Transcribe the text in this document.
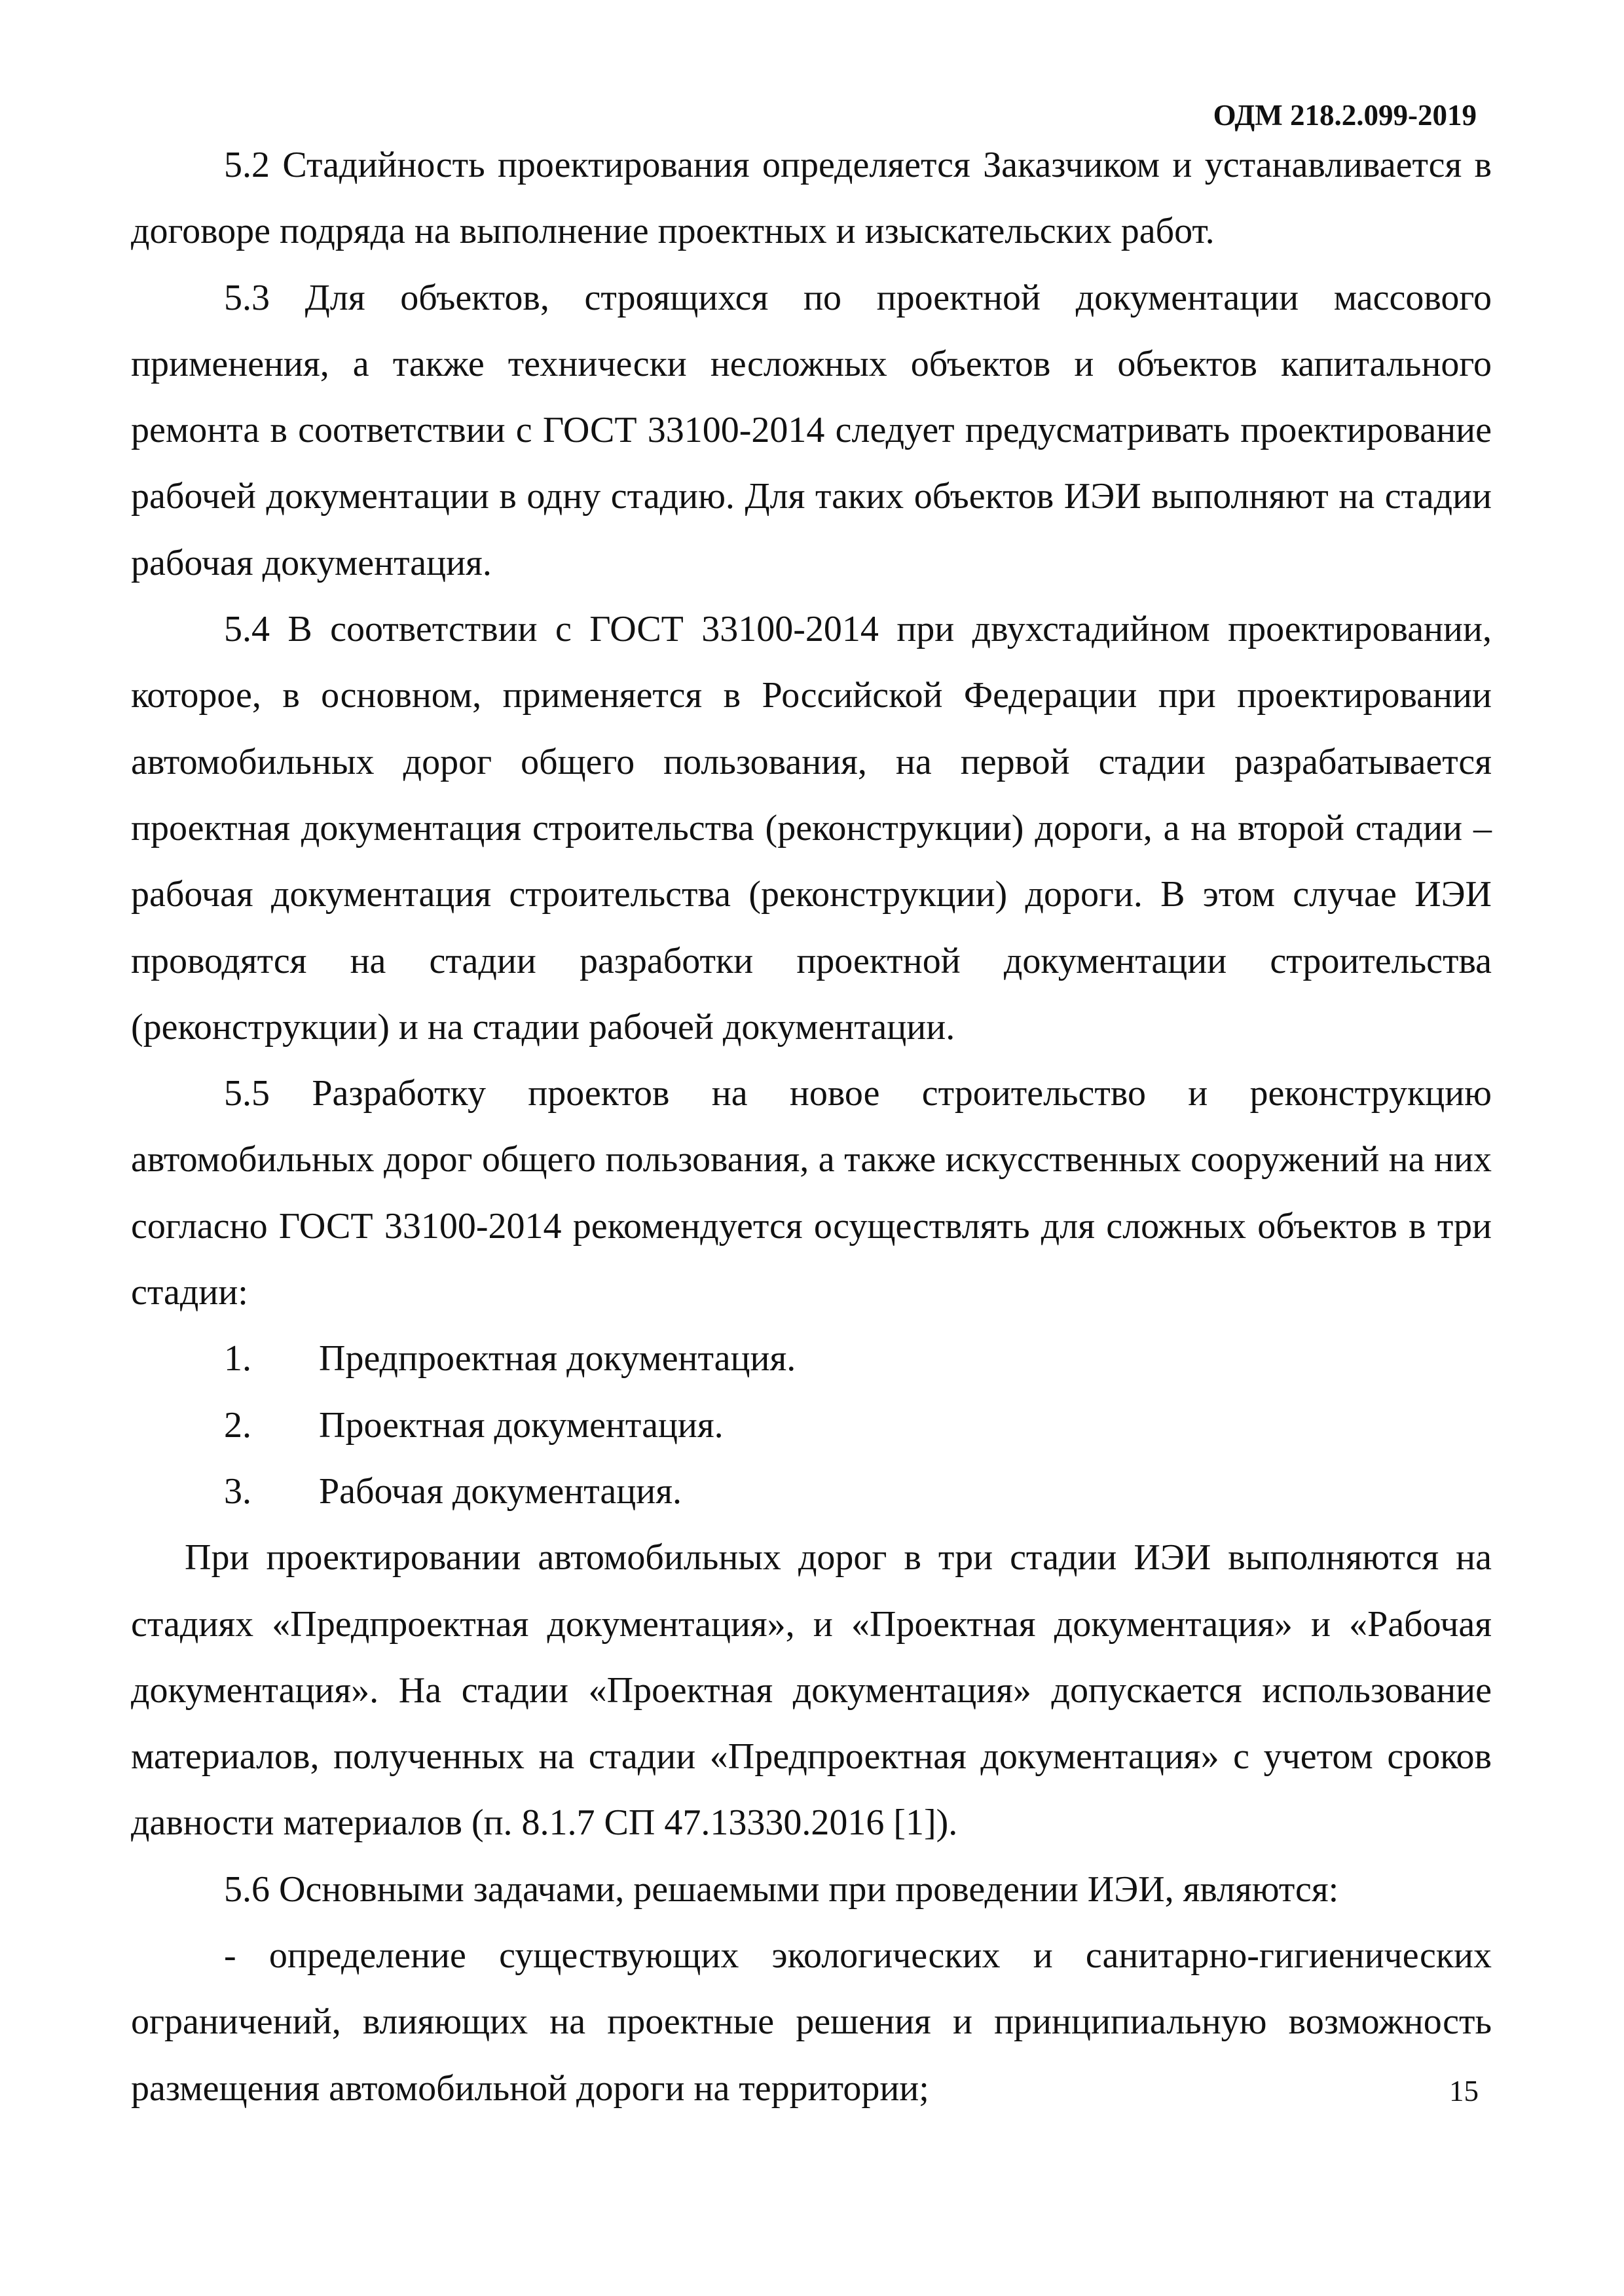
ОДМ 218.2.099-2019

5.2 Стадийность проектирования определяется Заказчиком и устанавливается в договоре подряда на выполнение проектных и изыскательских работ.

5.3 Для объектов, строящихся по проектной документации массового применения, а также технически несложных объектов и объектов капитального ремонта в соответствии с ГОСТ 33100-2014 следует предусматривать проектирование рабочей документации в одну стадию. Для таких объектов ИЭИ выполняют на стадии рабочая документация.

5.4 В соответствии с ГОСТ 33100-2014 при двухстадийном проектировании, которое, в основном, применяется в Российской Федерации при проектировании автомобильных дорог общего пользования, на первой стадии разрабатывается проектная документация строительства (реконструкции) дороги, а на второй стадии – рабочая документация строительства (реконструкции) дороги. В этом случае ИЭИ проводятся на стадии разработки проектной документации строительства (реконструкции) и на стадии рабочей документации.

5.5 Разработку проектов на новое строительство и реконструкцию автомобильных дорог общего пользования, а также искусственных сооружений на них согласно ГОСТ 33100-2014 рекомендуется осуществлять для сложных объектов в три стадии:

1. Предпроектная документация.
2. Проектная документация.
3. Рабочая документация.

При проектировании автомобильных дорог в три стадии ИЭИ выполняются на стадиях «Предпроектная документация», и «Проектная документация» и «Рабочая документация». На стадии «Проектная документация» допускается использование материалов, полученных на стадии «Предпроектная документация» с учетом сроков давности материалов (п. 8.1.7 СП 47.13330.2016 [1]).

5.6 Основными задачами, решаемыми при проведении ИЭИ, являются:

- определение существующих экологических и санитарно-гигиенических ограничений, влияющих на проектные решения и принципиальную возможность размещения автомобильной дороги на территории;	15
